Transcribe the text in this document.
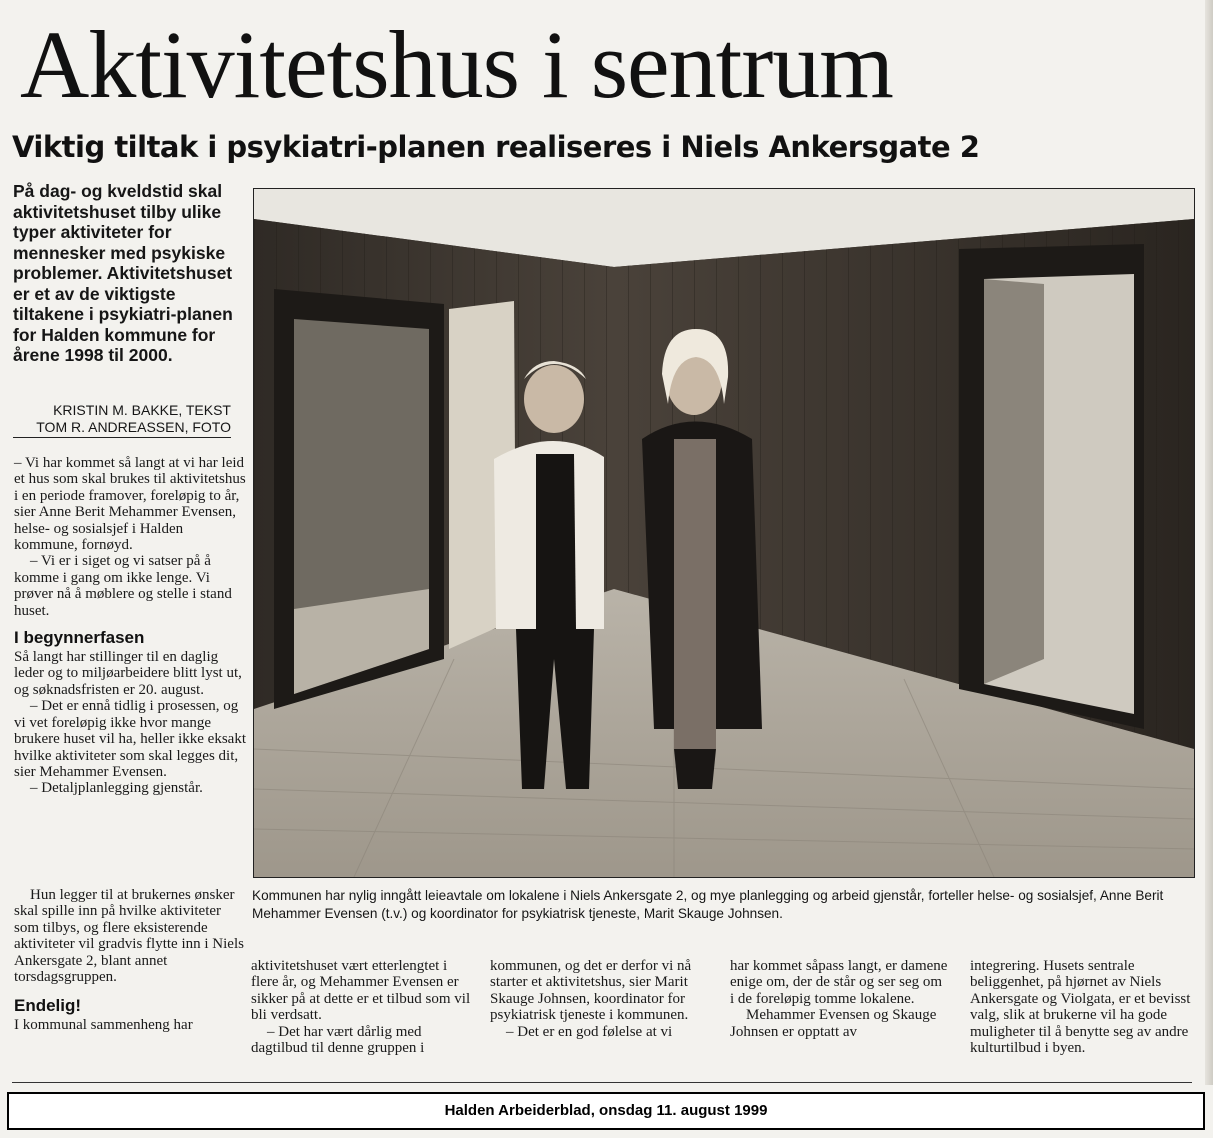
Aktivitetshus i sentrum
Viktig tiltak i psykiatri-planen realiseres i Niels Ankersgate 2
På dag- og kveldstid skal aktivitetshuset tilby ulike typer aktiviteter for mennesker med psykiske problemer. Aktivitetshuset er et av de viktigste tiltakene i psykiatri-planen for Halden kommune for årene 1998 til 2000.
KRISTIN M. BAKKE, TEKST
TOM R. ANDREASSEN, FOTO

– Vi har kommet så langt at vi har leid et hus som skal brukes til aktivitetshus i en periode framover, foreløpig to år, sier Anne Berit Mehammer Evensen, helse- og sosialsjef i Halden kommune, fornøyd.

– Vi er i siget og vi satser på å komme i gang om ikke lenge. Vi prøver nå å møblere og stelle i stand huset.

I begynnerfasen

Så langt har stillinger til en daglig leder og to miljøarbeidere blitt lyst ut, og søknadsfristen er 20. august.

– Det er ennå tidlig i prosessen, og vi vet foreløpig ikke hvor mange brukere huset vil ha, heller ikke eksakt hvilke aktiviteter som skal legges dit, sier Mehammer Evensen.

– Detaljplanlegging gjenstår.

Hun legger til at brukernes ønsker skal spille inn på hvilke aktiviteter som tilbys, og flere eksisterende aktiviteter vil gradvis flytte inn i Niels Ankersgate 2, blant annet torsdagsgruppen.

Endelig!

I kommunal sammenheng har

Kommunen har nylig inngått leieavtale om lokalene i Niels Ankersgate 2, og mye planlegging og arbeid gjenstår, forteller helse- og sosialsjef, Anne Berit Mehammer Evensen (t.v.) og koordinator for psykiatrisk tjeneste, Marit Skauge Johnsen.

aktivitetshuset vært etterlengtet i flere år, og Mehammer Evensen er sikker på at dette er et tilbud som vil bli verdsatt.

– Det har vært dårlig med dagtilbud til denne gruppen i

kommunen, og det er derfor vi nå starter et aktivitetshus, sier Marit Skauge Johnsen, koordinator for psykiatrisk tjeneste i kommunen.

– Det er en god følelse at vi

har kommet såpass langt, er damene enige om, der de står og ser seg om i de foreløpig tomme lokalene.

Mehammer Evensen og Skauge Johnsen er opptatt av

integrering. Husets sentrale beliggenhet, på hjørnet av Niels Ankersgate og Violgata, er et bevisst valg, slik at brukerne vil ha gode muligheter til å benytte seg av andre kulturtilbud i byen.

Halden Arbeiderblad, onsdag 11. august 1999
